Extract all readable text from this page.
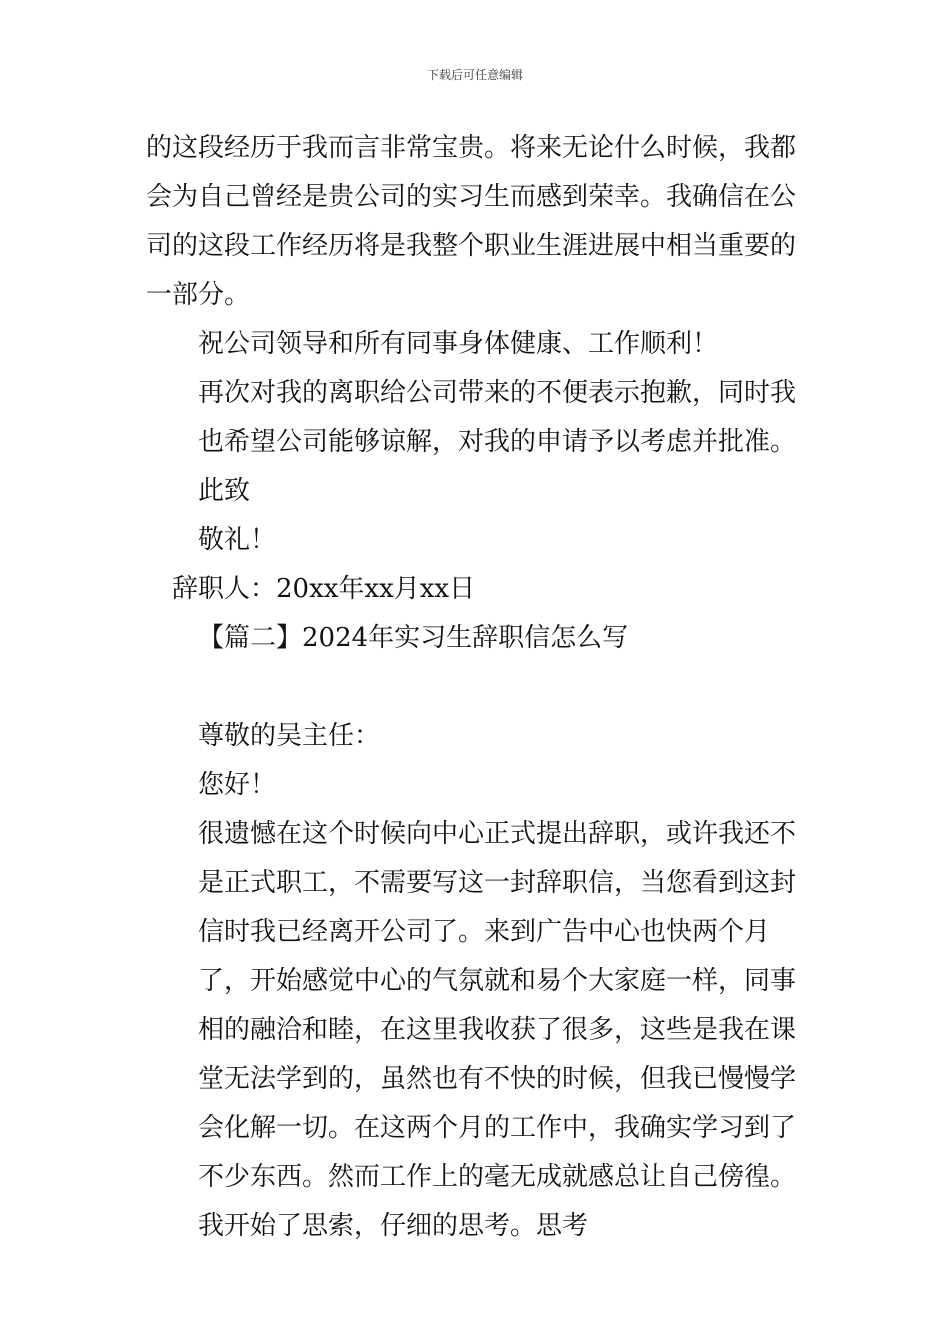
下载后可任意编辑

的这段经历于我而言非常宝贵。将来无论什么时候，我都会为自己曾经是贵公司的实习生而感到荣幸。我确信在公司的这段工作经历将是我整个职业生涯进展中相当重要的一部分。

祝公司领导和所有同事身体健康、工作顺利！

再次对我的离职给公司带来的不便表示抱歉，同时我也希望公司能够谅解，对我的申请予以考虑并批准。

此致

敬礼！

辞职人：20xx年xx月xx日

【篇二】2024年实习生辞职信怎么写

尊敬的吴主任：

您好！

很遗憾在这个时候向中心正式提出辞职，或许我还不是正式职工，不需要写这一封辞职信，当您看到这封信时我已经离开公司了。来到广告中心也快两个月了，开始感觉中心的气氛就和易个大家庭一样，同事相的融洽和睦，在这里我收获了很多，这些是我在课堂无法学到的，虽然也有不快的时候，但我已慢慢学会化解一切。在这两个月的工作中，我确实学习到了不少东西。然而工作上的毫无成就感总让自己傍徨。我开始了思索，仔细的思考。思考
